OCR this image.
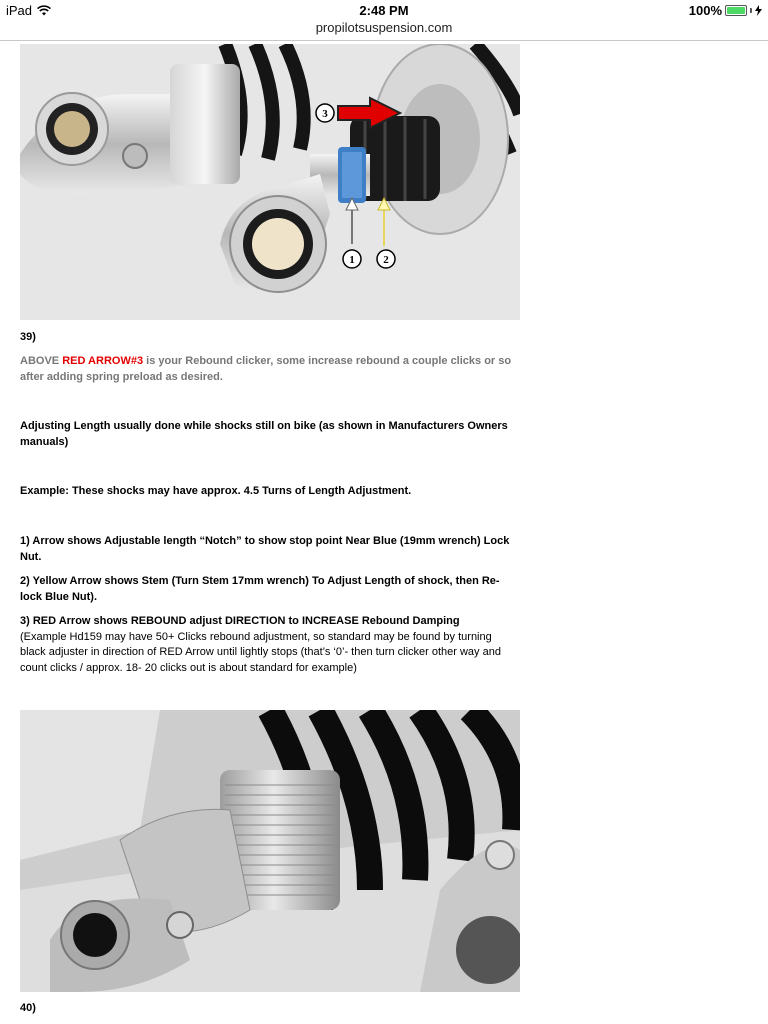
iPad	2:48 PM	100%
propilotsuspension.com
3
1	2
39)
ABOVE RED ARROW#3 is your Rebound clicker, some increase rebound a couple clicks or so after adding spring preload as desired.
Adjusting Length usually done while shocks still on bike (as shown in Manufacturers Owners manuals)
Example: These shocks may have approx. 4.5 Turns of Length Adjustment.
1) Arrow shows Adjustable length “Notch” to show stop point Near Blue (19mm wrench) Lock Nut.
2) Yellow Arrow shows Stem (Turn Stem 17mm wrench) To Adjust Length of shock, then Re-lock Blue Nut).
3) RED Arrow shows REBOUND adjust DIRECTION to INCREASE Rebound Damping
(Example Hd159 may have 50+ Clicks rebound adjustment, so standard may be found by turning black adjuster in direction of RED Arrow until lightly stops (that’s ‘0’- then turn clicker other way and count clicks / approx. 18- 20 clicks out is about standard for example)
40)
